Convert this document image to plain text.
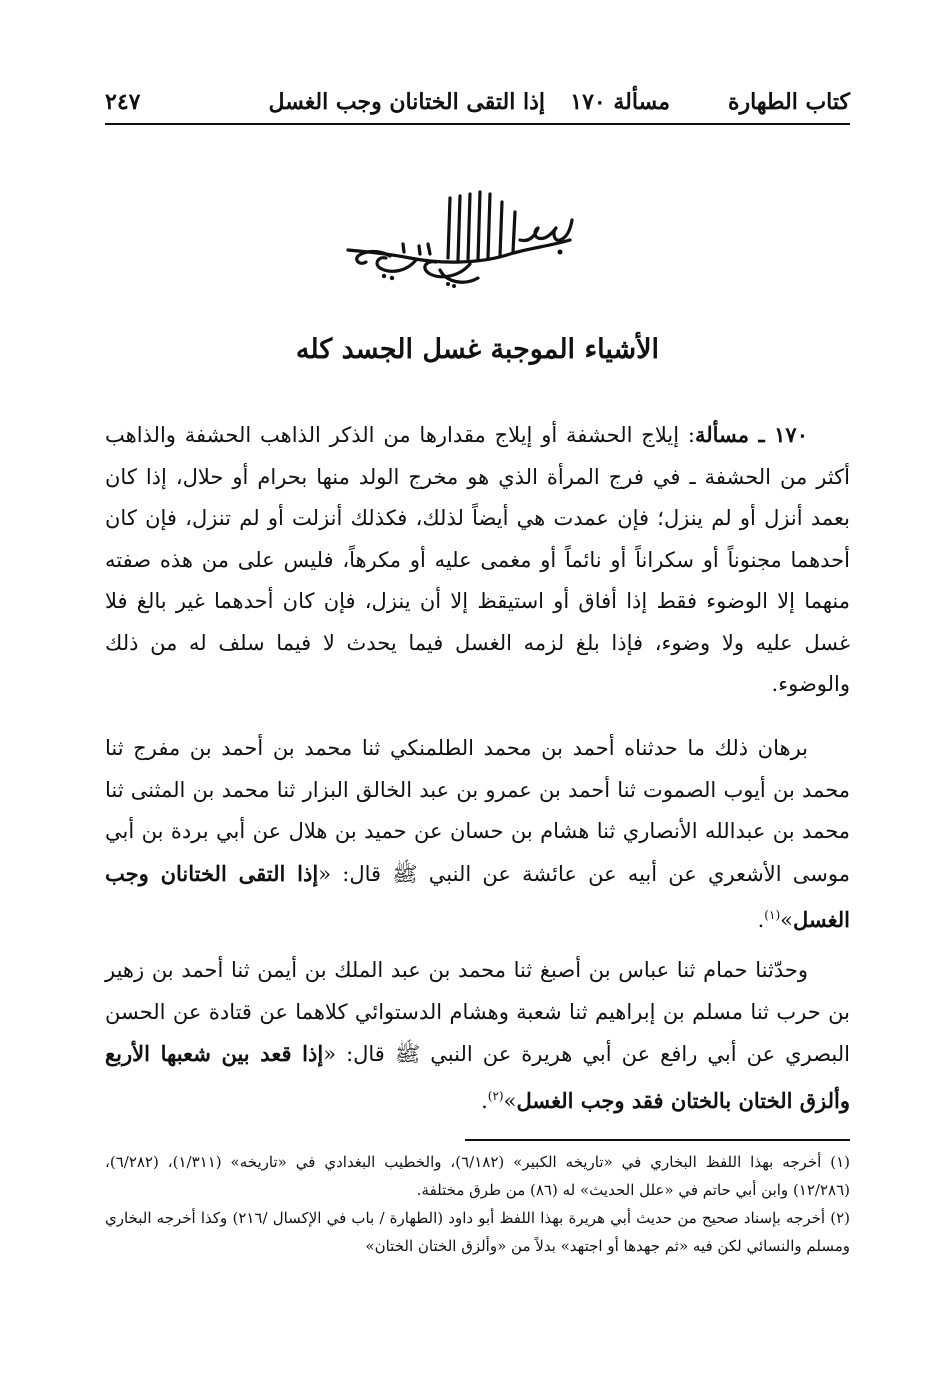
كتاب الطهارة
مسألة ١٧٠
إذا التقى الختانان وجب الغسل
٢٤٧
الأشياء الموجبة غسل الجسد كله
١٧٠ ـ مسألة: إيلاج الحشفة أو إيلاج مقدارها من الذكر الذاهب الحشفة والذاهب أكثر من الحشفة ـ في فرج المرأة الذي هو مخرج الولد منها بحرام أو حلال، إذا كان بعمد أنزل أو لم ينزل؛ فإن عمدت هي أيضاً لذلك، فكذلك أنزلت أو لم تنزل، فإن كان أحدهما مجنوناً أو سكراناً أو نائماً أو مغمى عليه أو مكرهاً، فليس على من هذه صفته منهما إلا الوضوء فقط إذا أفاق أو استيقظ إلا أن ينزل، فإن كان أحدهما غير بالغ فلا غسل عليه ولا وضوء، فإذا بلغ لزمه الغسل فيما يحدث لا فيما سلف له من ذلك والوضوء.
برهان ذلك ما حدثناه أحمد بن محمد الطلمنكي ثنا محمد بن أحمد بن مفرج ثنا محمد بن أيوب الصموت ثنا أحمد بن عمرو بن عبد الخالق البزار ثنا محمد بن المثنى ثنا محمد بن عبدالله الأنصاري ثنا هشام بن حسان عن حميد بن هلال عن أبي بردة بن أبي موسى الأشعري عن أبيه عن عائشة عن النبي ﷺ قال: «إذا التقى الختانان وجب الغسل»$^{(١)}$.
وحدّثنا حمام ثنا عباس بن أصبغ ثنا محمد بن عبد الملك بن أيمن ثنا أحمد بن زهير بن حرب ثنا مسلم بن إبراهيم ثنا شعبة وهشام الدستوائي كلاهما عن قتادة عن الحسن البصري عن أبي رافع عن أبي هريرة عن النبي ﷺ قال: «إذا قعد بين شعبها الأربع وألزق الختان بالختان فقد وجب الغسل»$^{(٢)}$.

(١) أخرجه بهذا اللفظ البخاري في «تاريخه الكبير» (٦/١٨٢)، والخطيب البغدادي في «تاريخه» (١/٣١١)، (٦/٢٨٢)، (١٢/٢٨٦) وابن أبي حاتم في «علل الحديث» له (٨٦) من طرق مختلفة.

(٢) أخرجه بإسناد صحيح من حديث أبي هريرة بهذا اللفظ أبو داود (الطهارة / باب في الإكسال /٢١٦) وكذا أخرجه البخاري ومسلم والنسائي لكن فيه «ثم جهدها أو اجتهد» بدلاً من «وألزق الختان الختان»
